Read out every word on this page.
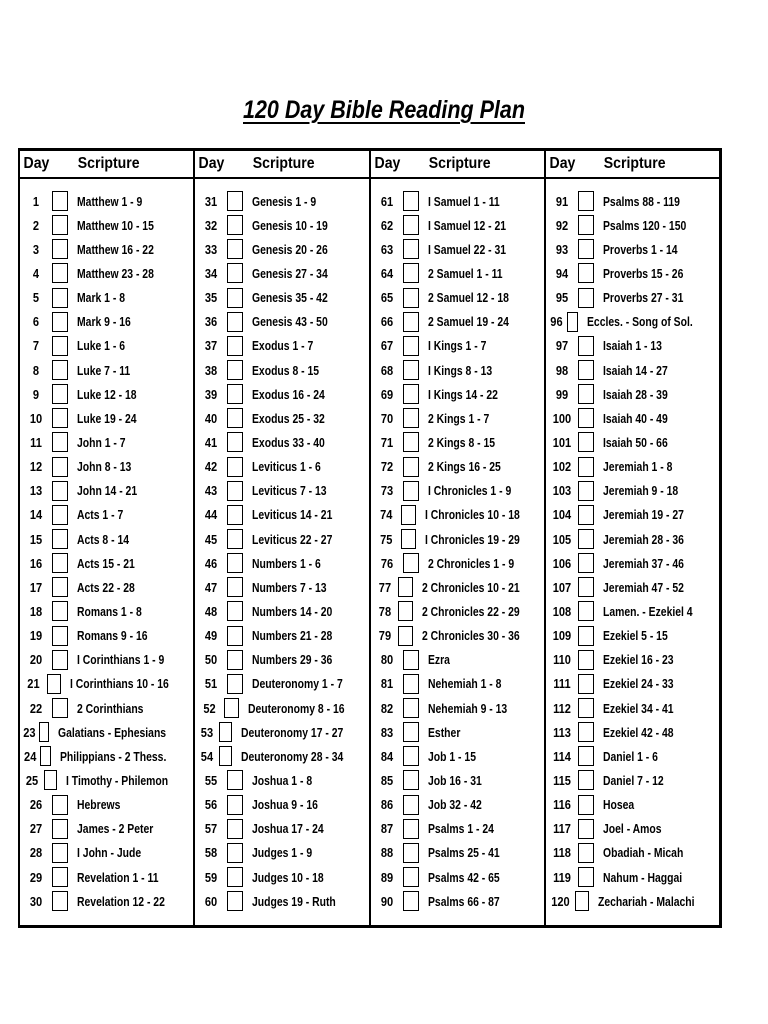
120 Day Bible Reading Plan
Day	Scripture
1	Matthew 1 - 9
2	Matthew 10 - 15
3	Matthew 16 - 22
4	Matthew 23 - 28
5	Mark 1 - 8
6	Mark 9 - 16
7	Luke 1 - 6
8	Luke 7 - 11
9	Luke 12 - 18
10	Luke 19 - 24
11	John 1 - 7
12	John 8 - 13
13	John 14 - 21
14	Acts 1 - 7
15	Acts 8 - 14
16	Acts 15 - 21
17	Acts 22 - 28
18	Romans 1 - 8
19	Romans 9 - 16
20	I Corinthians 1 - 9
21	I Corinthians 10 - 16
22	2 Corinthians
23 Galatians - Ephesians
24 Philippians - 2 Thess.
25	I Timothy - Philemon
26	Hebrews
27	James - 2 Peter
28	I John - Jude
29	Revelation 1 - 11
30	Revelation 12 - 22
Day	Scripture
31	Genesis 1 - 9
32	Genesis 10 - 19
33	Genesis 20 - 26
34	Genesis 27 - 34
35	Genesis 35 - 42
36	Genesis 43 - 50
37	Exodus 1 - 7
38	Exodus 8 - 15
39	Exodus 16 - 24
40	Exodus 25 - 32
41	Exodus 33 - 40
42	Leviticus 1 - 6
43	Leviticus 7 - 13
44	Leviticus 14 - 21
45	Leviticus 22 - 27
46	Numbers 1 - 6
47	Numbers 7 - 13
48	Numbers 14 - 20
49	Numbers 21 - 28
50	Numbers 29 - 36
51	Deuteronomy 1 - 7
52	Deuteronomy 8 - 16
53	Deuteronomy 17 - 27
54	Deuteronomy 28 - 34
55	Joshua 1 - 8
56	Joshua 9 - 16
57	Joshua 17 - 24
58	Judges 1 - 9
59	Judges 10 - 18
60	Judges 19 - Ruth
Day	Scripture
61	I Samuel 1 - 11
62	I Samuel 12 - 21
63	I Samuel 22 - 31
64	2 Samuel 1 - 11
65	2 Samuel 12 - 18
66	2 Samuel 19 - 24
67	I Kings 1 - 7
68	I Kings 8 - 13
69	I Kings 14 - 22
70	2 Kings 1 - 7
71	2 Kings 8 - 15
72	2 Kings 16 - 25
73	I Chronicles 1 - 9
74	I Chronicles 10 - 18
75	I Chronicles 19 - 29
76	2 Chronicles 1 - 9
77	2 Chronicles 10 - 21
78	2 Chronicles 22 - 29
79	2 Chronicles 30 - 36
80	Ezra
81	Nehemiah 1 - 8
82	Nehemiah 9 - 13
83	Esther
84	Job 1 - 15
85	Job 16 - 31
86	Job 32 - 42
87	Psalms 1 - 24
88	Psalms 25 - 41
89	Psalms 42 - 65
90	Psalms 66 - 87
Day	Scripture
91	Psalms 88 - 119
92	Psalms 120 - 150
93	Proverbs 1 - 14
94	Proverbs 15 - 26
95	Proverbs 27 - 31
96 Eccles. - Song of Sol.
97	Isaiah 1 - 13
98	Isaiah 14 - 27
99	Isaiah 28 - 39
100	Isaiah 40 - 49
101	Isaiah 50 - 66
102	Jeremiah 1 - 8
103	Jeremiah 9 - 18
104	Jeremiah 19 - 27
105	Jeremiah 28 - 36
106	Jeremiah 37 - 46
107	Jeremiah 47 - 52
108	Lamen. - Ezekiel 4
109	Ezekiel 5 - 15
110	Ezekiel 16 - 23
111	Ezekiel 24 - 33
112	Ezekiel 34 - 41
113	Ezekiel 42 - 48
114	Daniel 1 - 6
115	Daniel 7 - 12
116	Hosea
117	Joel - Amos
118	Obadiah - Micah
119	Nahum - Haggai
120 Zechariah - Malachi
